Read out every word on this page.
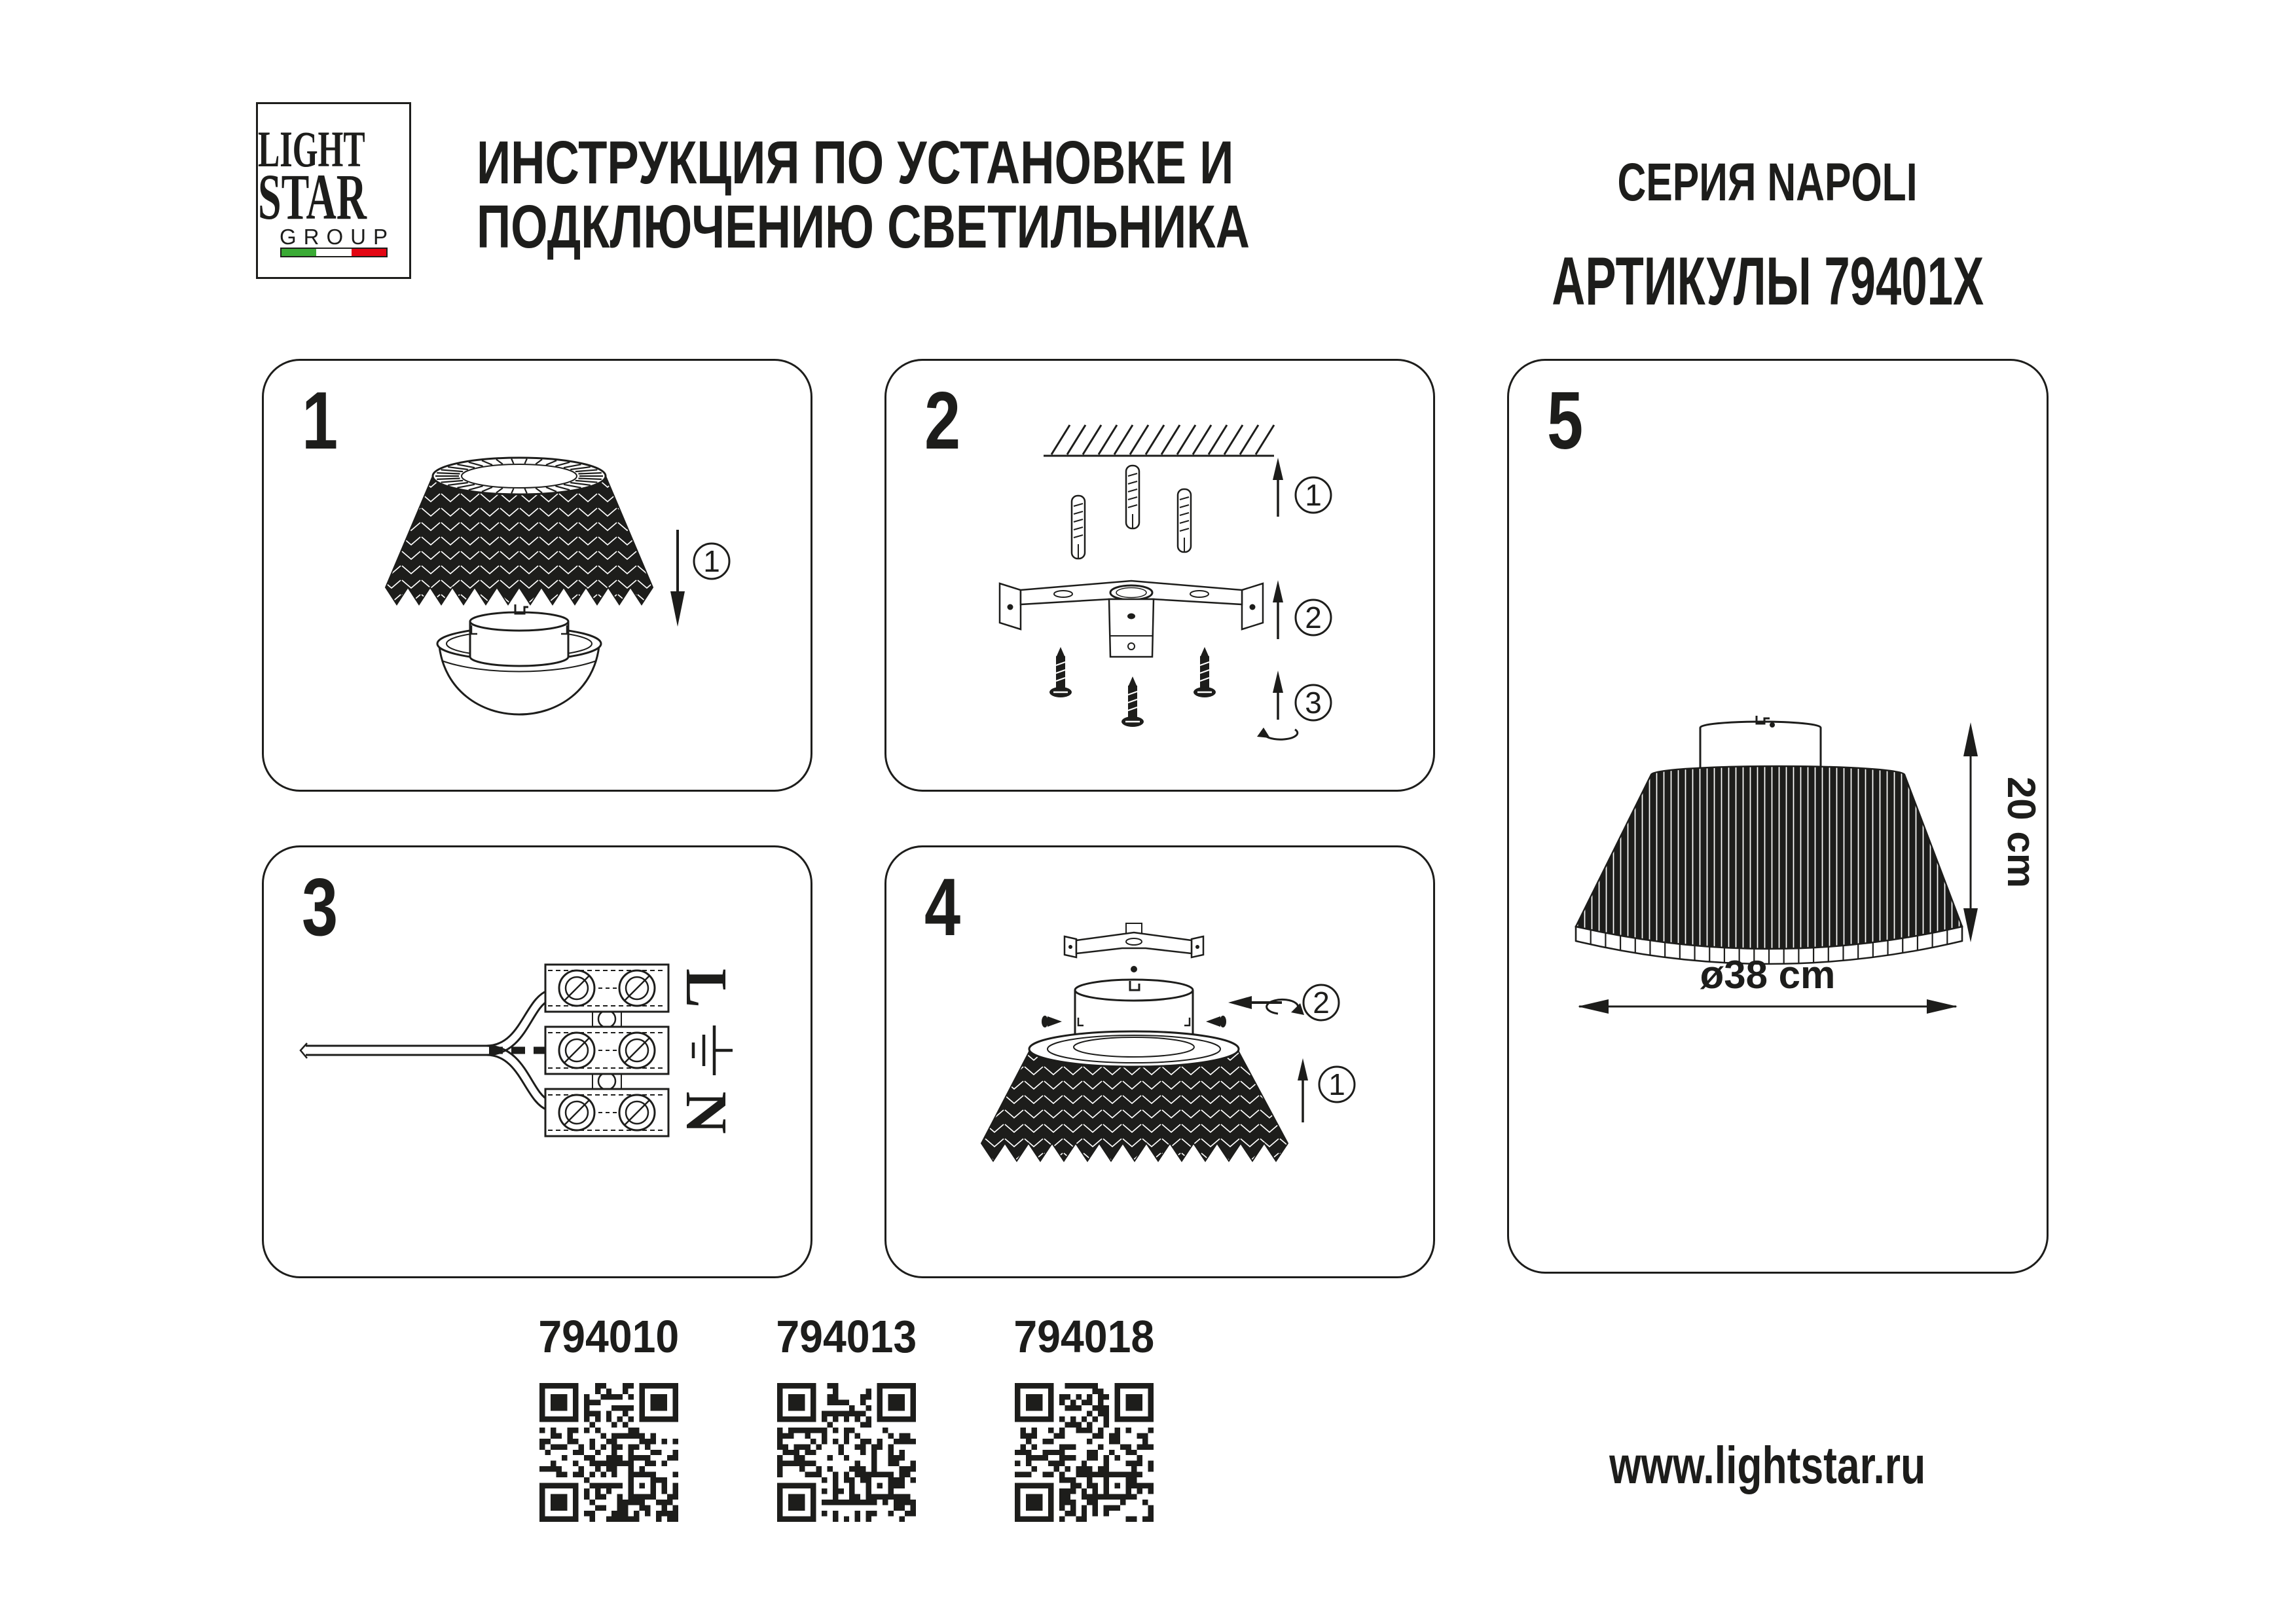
LIGHT
STAR
GROUP
ИНСТРУКЦИЯ ПО УСТАНОВКЕ И
ПОДКЛЮЧЕНИЮ СВЕТИЛЬНИКА
СЕРИЯ NAPOLI
АРТИКУЛЫ 79401X
1
1
2
1
2
3
3
L
N
4
2
1
5
ø38 cm
20 cm
794010	794013	794018
www.lightstar.ru
